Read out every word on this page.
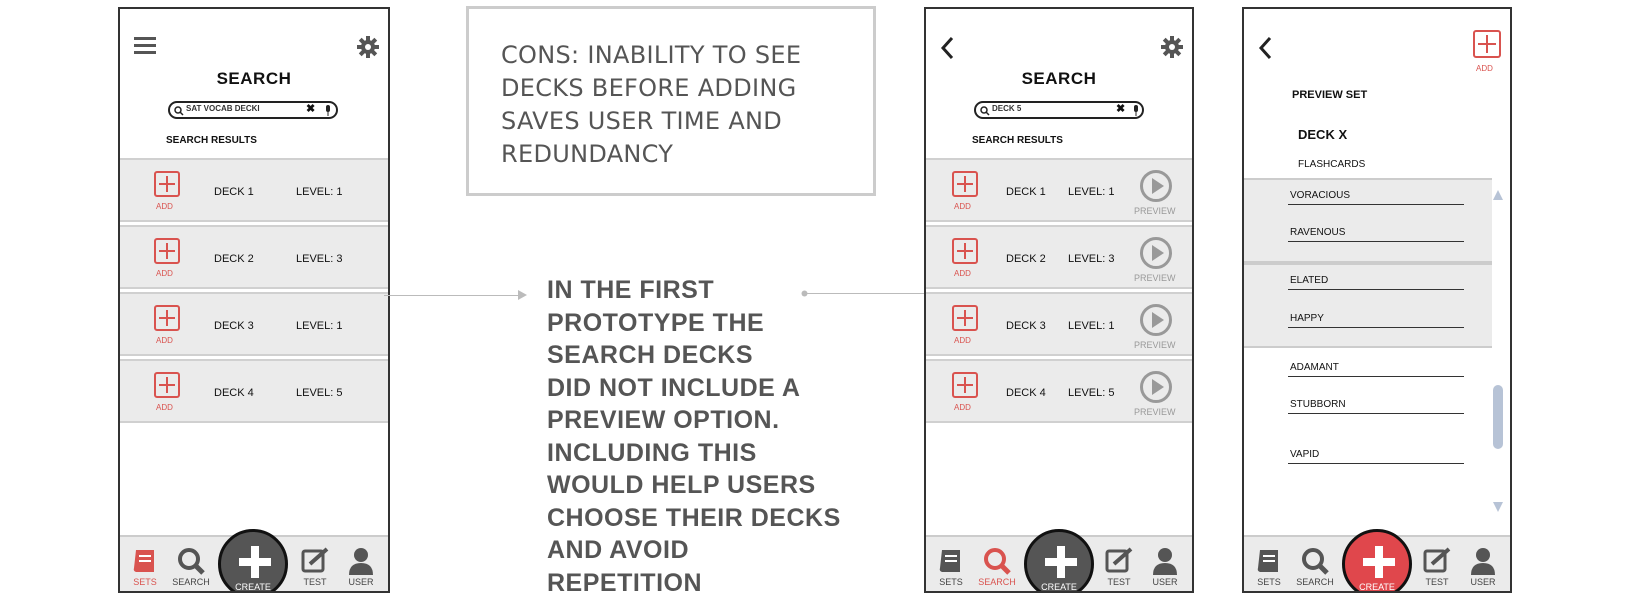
SEARCH
SAT VOCAB DECKI	✖
SEARCH RESULTS
ADD
DECK 1	LEVEL: 1
ADD
DECK 2	LEVEL: 3
ADD
DECK 3	LEVEL: 1
ADD
DECK 4	LEVEL: 5
SETS	SEARCH	CREATE	TEST	USER
CONS: INABILITY TO SEE
DECKS BEFORE ADDING
SAVES USER TIME AND
REDUNDANCY
IN THE FIRST
PROTOTYPE THE
SEARCH DECKS
DID NOT INCLUDE A
PREVIEW OPTION.
INCLUDING THIS
WOULD HELP USERS
CHOOSE THEIR DECKS
AND AVOID
REPETITION
SEARCH
DECK 5	✖
SEARCH RESULTS
ADD
DECK 1 LEVEL: 1
PREVIEW
ADD
DECK 2 LEVEL: 3
PREVIEW
ADD
DECK 3 LEVEL: 1
PREVIEW
ADD
DECK 4 LEVEL: 5
PREVIEW
SETS	SEARCH	CREATE	TEST	USER
ADD
PREVIEW SET
DECK X
FLASHCARDS
VORACIOUS
RAVENOUS
ELATED
HAPPY
ADAMANT
STUBBORN
VAPID
SETS	SEARCH	CREATE	TEST	USER
